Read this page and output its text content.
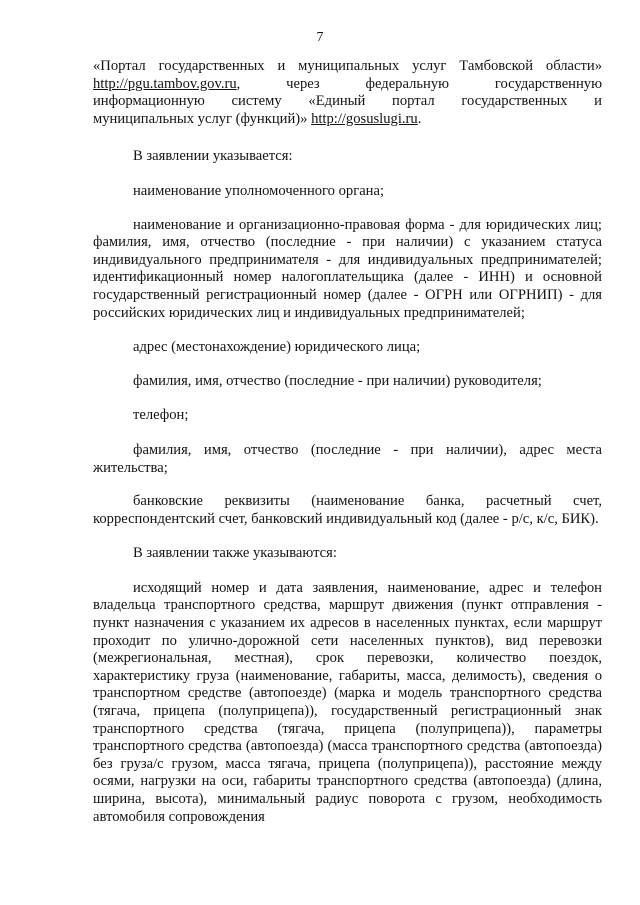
7

«Портал государственных и муниципальных услуг Тамбовской области»
http://pgu.tambov.gov.ru, через федеральную государственную
информационную систему «Единый портал государственных и
муниципальных услуг (функций)» http://gosuslugi.ru.

В заявлении указывается:

наименование уполномоченного органа;

наименование и организационно-правовая форма - для юридических лиц; фамилия, имя, отчество (последние - при наличии) с указанием статуса индивидуального предпринимателя - для индивидуальных предпринимателей; идентификационный номер налогоплательщика (далее - ИНН) и основной государственный регистрационный номер (далее - ОГРН или ОГРНИП) - для российских юридических лиц и индивидуальных предпринимателей;

адрес (местонахождение) юридического лица;

фамилия, имя, отчество (последние - при наличии) руководителя;

телефон;

фамилия, имя, отчество (последние - при наличии), адрес места жительства;

банковские реквизиты (наименование банка, расчетный счет, корреспондентский счет, банковский индивидуальный код (далее - р/с, к/с, БИК).

В заявлении также указываются:

исходящий номер и дата заявления, наименование, адрес и телефон владельца транспортного средства, маршрут движения (пункт отправления - пункт назначения с указанием их адресов в населенных пунктах, если маршрут проходит по улично-дорожной сети населенных пунктов), вид перевозки (межрегиональная, местная), срок перевозки, количество поездок, характеристику груза (наименование, габариты, масса, делимость), сведения о транспортном средстве (автопоезде) (марка и модель транспортного средства (тягача, прицепа (полуприцепа)), государственный регистрационный знак транспортного средства (тягача, прицепа (полуприцепа)), параметры транспортного средства (автопоезда) (масса транспортного средства (автопоезда) без груза/с грузом, масса тягача, прицепа (полуприцепа)), расстояние между осями, нагрузки на оси, габариты транспортного средства (автопоезда) (длина, ширина, высота), минимальный радиус поворота с грузом, необходимость автомобиля сопровождения
